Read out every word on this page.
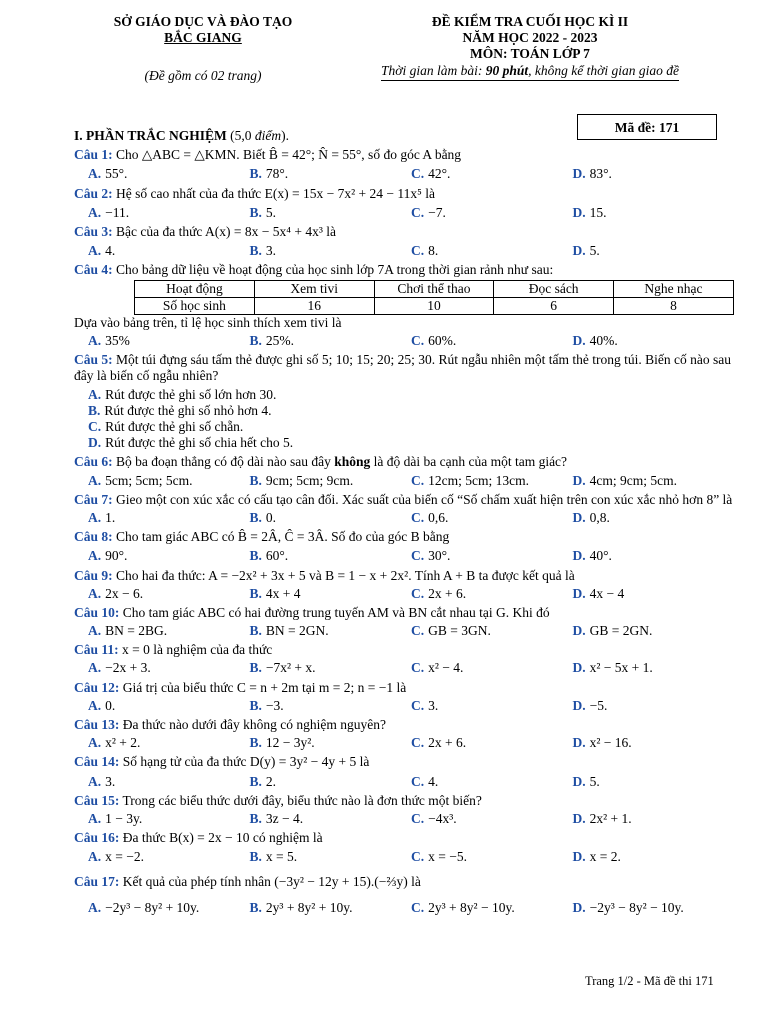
SỞ GIÁO DỤC VÀ ĐÀO TẠO
BẮC GIANG
(Đề gồm có 02 trang)
ĐỀ KIỂM TRA CUỐI HỌC KÌ II
NĂM HỌC 2022 - 2023
MÔN: TOÁN LỚP 7
Thời gian làm bài: 90 phút, không kể thời gian giao đề
Mã đề: 171
I. PHẦN TRẮC NGHIỆM (5,0 điểm).
Câu 1: Cho △ABC = △KMN. Biết B̂ = 42°; N̂ = 55°, số đo góc A bằng
A. 55°.	B. 78°.	C. 42°.	D. 83°.
Câu 2: Hệ số cao nhất của đa thức E(x) = 15x − 7x² + 24 − 11x⁵ là
A. −11.	B. 5.	C. −7.	D. 15.
Câu 3: Bậc của đa thức A(x) = 8x − 5x⁴ + 4x³ là
A. 4.	B. 3.	C. 8.	D. 5.
Câu 4: Cho bảng dữ liệu về hoạt động của học sinh lớp 7A trong thời gian rảnh như sau:
Hoạt động	Xem tivi	Chơi thể thao	Đọc sách	Nghe nhạc
Số học sinh	16	10	6	8
Dựa vào bảng trên, tỉ lệ học sinh thích xem tivi là
A. 35%	B. 25%.	C. 60%.	D. 40%.
Câu 5: Một túi đựng sáu tấm thẻ được ghi số 5; 10; 15; 20; 25; 30. Rút ngẫu nhiên một tấm thẻ trong túi. Biến cố nào sau đây là biến cố ngẫu nhiên?
A. Rút được thẻ ghi số lớn hơn 30.
B. Rút được thẻ ghi số nhỏ hơn 4.
C. Rút được thẻ ghi số chẵn.
D. Rút được thẻ ghi số chia hết cho 5.
Câu 6: Bộ ba đoạn thẳng có độ dài nào sau đây không là độ dài ba cạnh của một tam giác?
A. 5cm; 5cm; 5cm.	B. 9cm; 5cm; 9cm.	C. 12cm; 5cm; 13cm.	D. 4cm; 9cm; 5cm.
Câu 7: Gieo một con xúc xắc có cấu tạo cân đối. Xác suất của biến cố “Số chấm xuất hiện trên con xúc xắc nhỏ hơn 8” là
A. 1.	B. 0.	C. 0,6.	D. 0,8.
Câu 8: Cho tam giác ABC có B̂ = 2Â, Ĉ = 3Â. Số đo của góc B bằng
A. 90°.	B. 60°.	C. 30°.	D. 40°.
Câu 9: Cho hai đa thức: A = −2x² + 3x + 5 và B = 1 − x + 2x². Tính A + B ta được kết quả là
A. 2x − 6.	B. 4x + 4	C. 2x + 6.	D. 4x − 4
Câu 10: Cho tam giác ABC có hai đường trung tuyến AM và BN cắt nhau tại G. Khi đó
A. BN = 2BG.	B. BN = 2GN.	C. GB = 3GN.	D. GB = 2GN.
Câu 11: x = 0 là nghiệm của đa thức
A. −2x + 3.	B. −7x² + x.	C. x² − 4.	D. x² − 5x + 1.
Câu 12: Giá trị của biểu thức C = n + 2m tại m = 2; n = −1 là
A. 0.	B. −3.	C. 3.	D. −5.
Câu 13: Đa thức nào dưới đây không có nghiệm nguyên?
A. x² + 2.	B. 12 − 3y².	C. 2x + 6.	D. x² − 16.
Câu 14: Số hạng tử của đa thức D(y) = 3y² − 4y + 5 là
A. 3.	B. 2.	C. 4.	D. 5.
Câu 15: Trong các biểu thức dưới đây, biểu thức nào là đơn thức một biến?
A. 1 − 3y.	B. 3z − 4.	C. −4x³.	D. 2x² + 1.
Câu 16: Đa thức B(x) = 2x − 10 có nghiệm là
A. x = −2.	B. x = 5.	C. x = −5.	D. x = 2.
Câu 17: Kết quả của phép tính nhân (−3y² − 12y + 15).(−⅔y) là
A. −2y³ − 8y² + 10y.	B. 2y³ + 8y² + 10y.	C. 2y³ + 8y² − 10y.	D. −2y³ − 8y² − 10y.
Trang 1/2 - Mã đề thi 171
